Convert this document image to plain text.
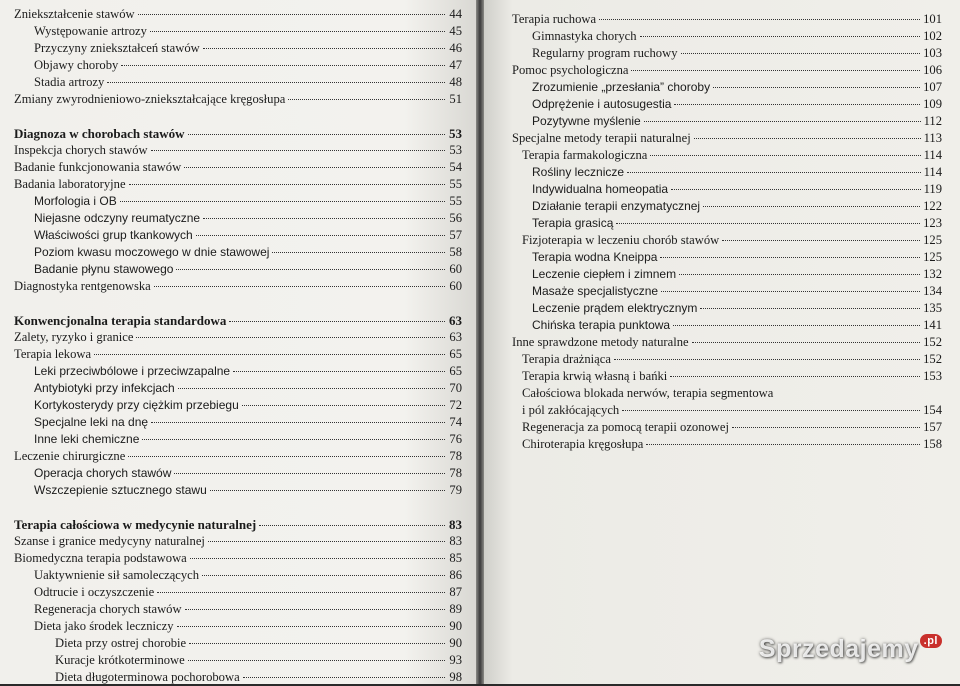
Zniekształcenie stawów	44
Występowanie artrozy	45
Przyczyny zniekształceń stawów	46
Objawy choroby	47
Stadia artrozy	48
Zmiany zwyrodnieniowo-zniekształcające kręgosłupa	51
Diagnoza w chorobach stawów	53
Inspekcja chorych stawów	53
Badanie funkcjonowania stawów	54
Badania laboratoryjne	55
Morfologia i OB	55
Niejasne odczyny reumatyczne	56
Właściwości grup tkankowych	57
Poziom kwasu moczowego w dnie stawowej	58
Badanie płynu stawowego	60
Diagnostyka rentgenowska	60
Konwencjonalna terapia standardowa	63
Zalety, ryzyko i granice	63
Terapia lekowa	65
Leki przeciwbólowe i przeciwzapalne	65
Antybiotyki przy infekcjach	70
Kortykosterydy przy ciężkim przebiegu	72
Specjalne leki na dnę	74
Inne leki chemiczne	76
Leczenie chirurgiczne	78
Operacja chorych stawów	78
Wszczepienie sztucznego stawu	79
Terapia całościowa w medycynie naturalnej	83
Szanse i granice medycyny naturalnej	83
Biomedyczna terapia podstawowa	85
Uaktywnienie sił samoleczących	86
Odtrucie i oczyszczenie	87
Regeneracja chorych stawów	89
Dieta jako środek leczniczy	90
Dieta przy ostrej chorobie	90
Kuracje krótkoterminowe	93
Dieta długoterminowa pochorobowa	98
Terapia ruchowa	101
Gimnastyka chorych	102
Regularny program ruchowy	103
Pomoc psychologiczna	106
Zrozumienie „przesłania” choroby	107
Odprężenie i autosugestia	109
Pozytywne myślenie	112
Specjalne metody terapii naturalnej	113
Terapia farmakologiczna	114
Rośliny lecznicze	114
Indywidualna homeopatia	119
Działanie terapii enzymatycznej	122
Terapia grasicą	123
Fizjoterapia w leczeniu chorób stawów	125
Terapia wodna Kneippa	125
Leczenie ciepłem i zimnem	132
Masaże specjalistyczne	134
Leczenie prądem elektrycznym	135
Chińska terapia punktowa	141
Inne sprawdzone metody naturalne	152
Terapia drażniąca	152
Terapia krwią własną i bańki	153
Całościowa blokada nerwów, terapia segmentowa
i pól zakłócających	154
Regeneracja za pomocą terapii ozonowej	157
Chiroterapia kręgosłupa	158
Sprzedajemy $^{.pl}$
